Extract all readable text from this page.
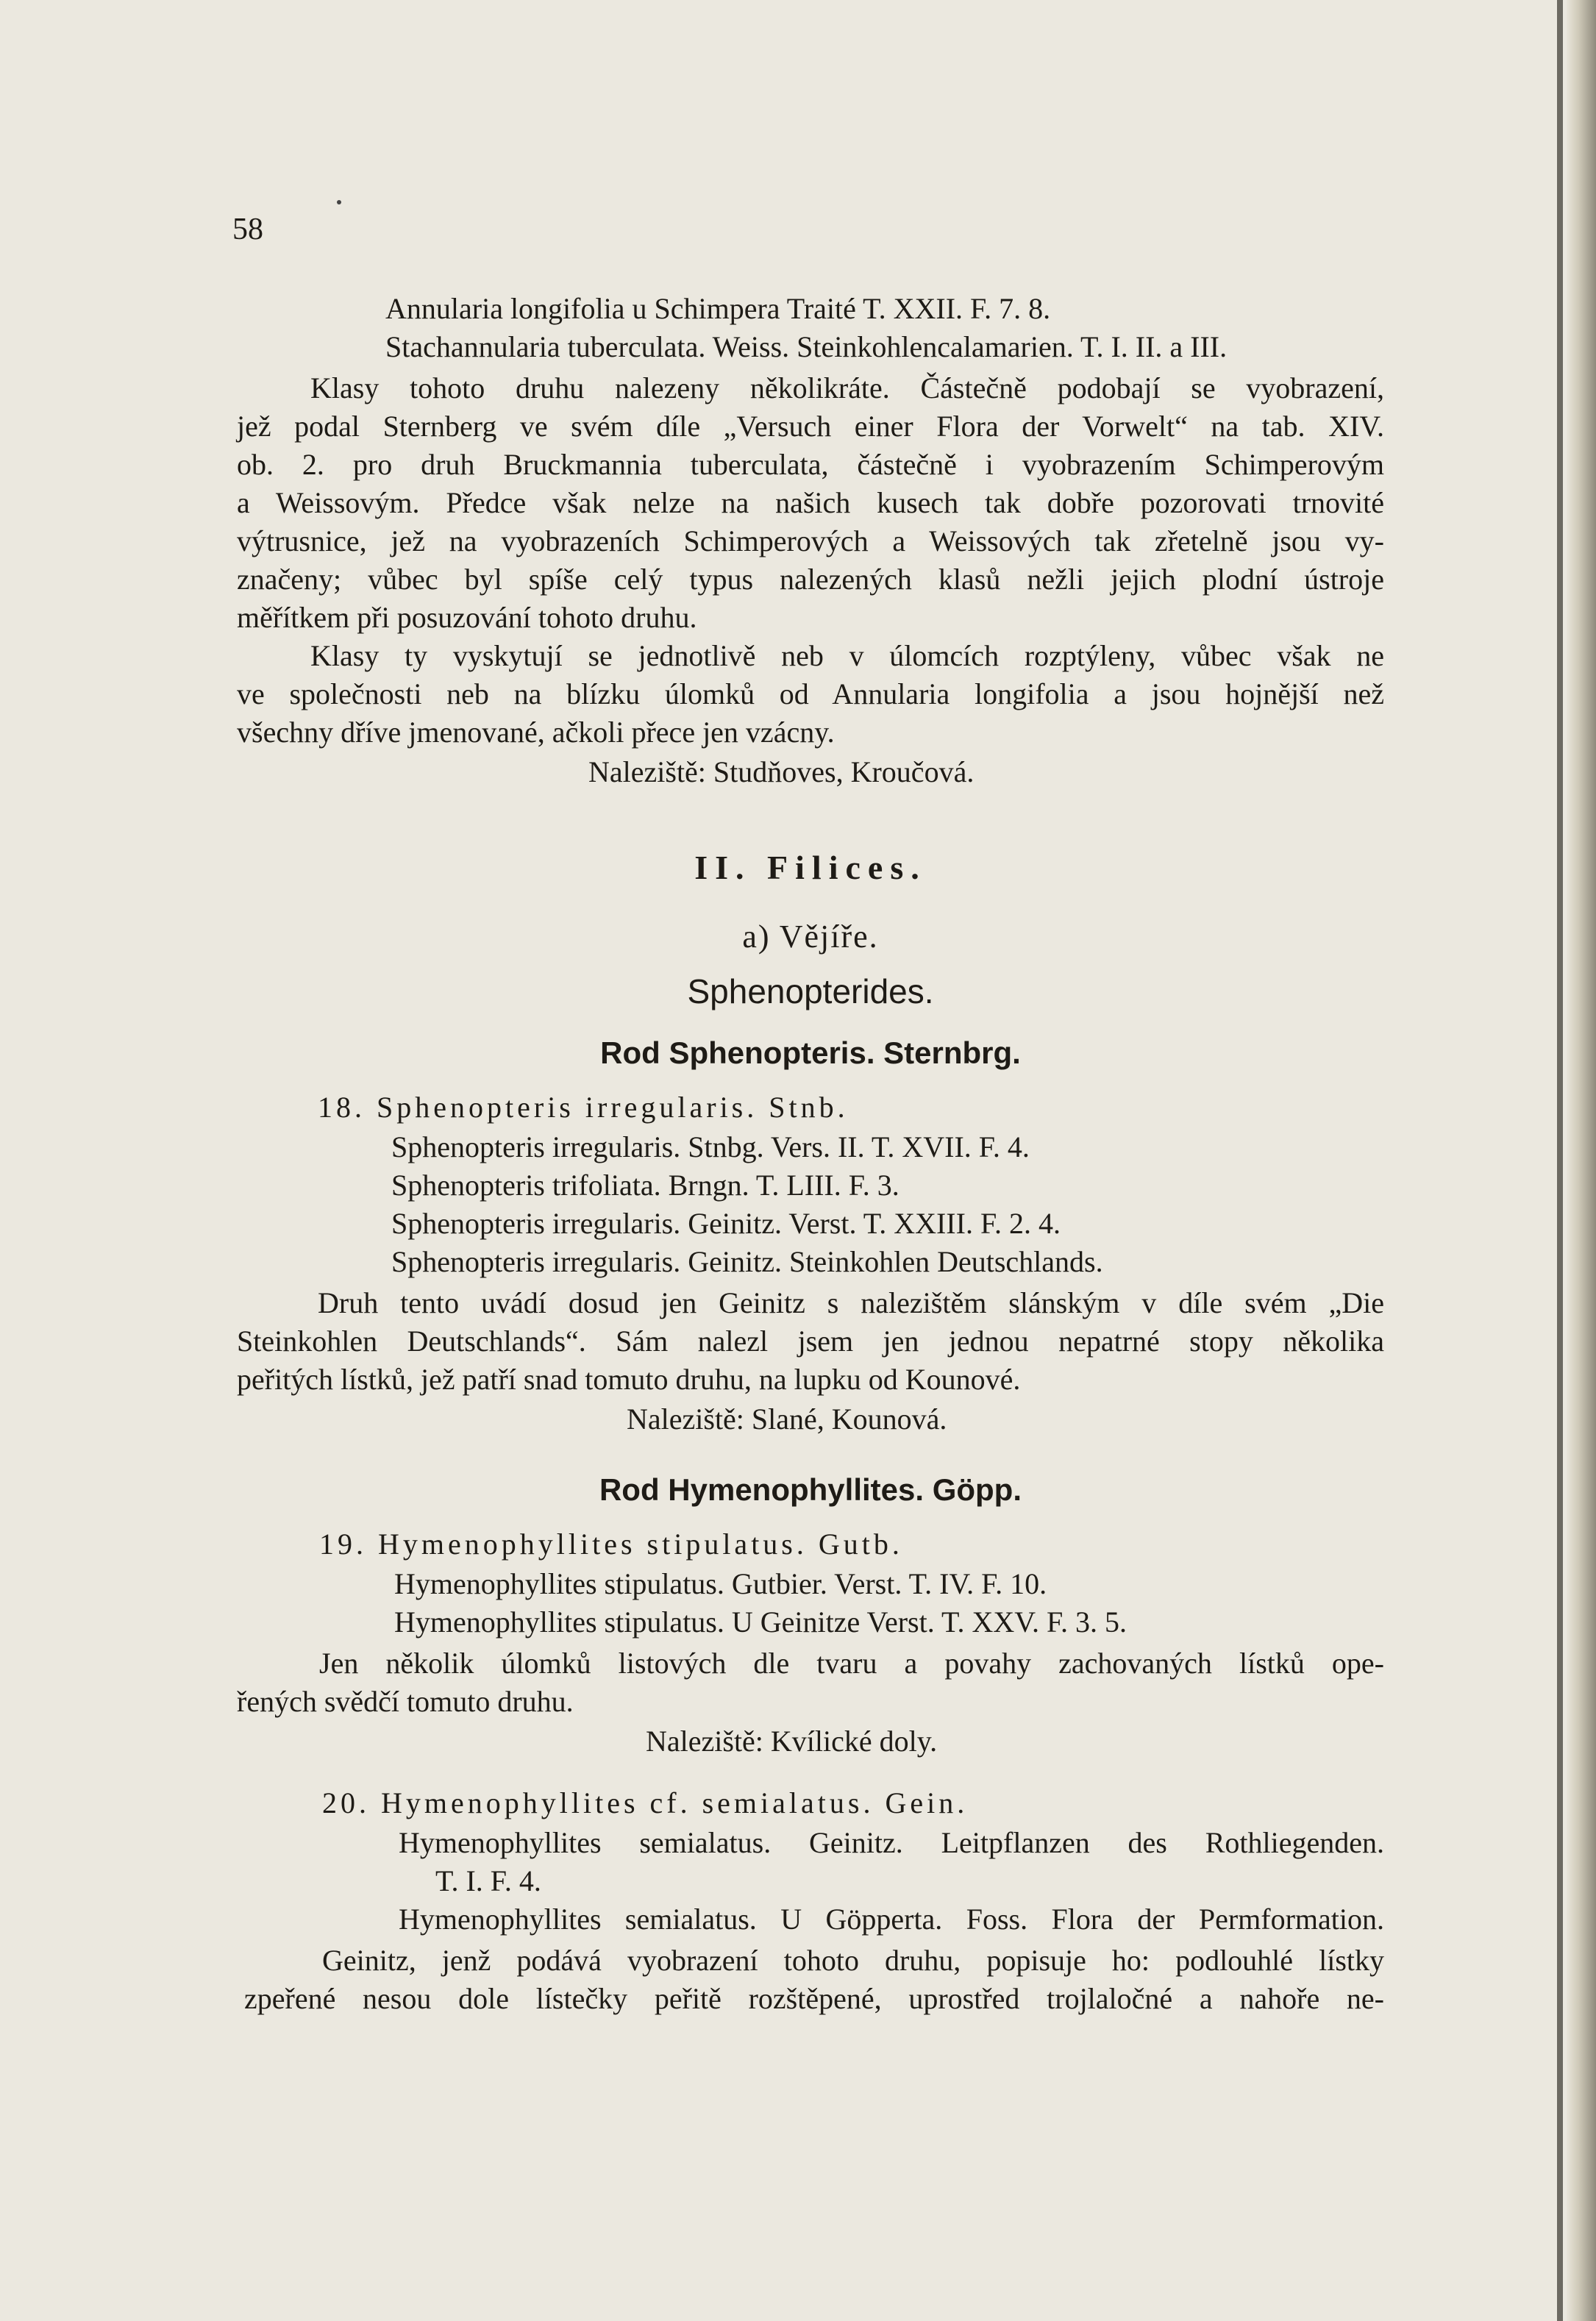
58
Annularia longifolia u Schimpera Traité T. XXII. F. 7. 8.
Stachannularia tuberculata. Weiss. Steinkohlencalamarien. T. I. II. a III.
Klasy tohoto druhu nalezeny několikráte. Částečně podobají se vyobrazení,
jež podal Sternberg ve svém díle „Versuch einer Flora der Vorwelt“ na tab. XIV.
ob. 2. pro druh Bruckmannia tuberculata, částečně i vyobrazením Schimperovým
a Weissovým. Předce však nelze na našich kusech tak dobře pozorovati trnovité
výtrusnice, jež na vyobrazeních Schimperových a Weissových tak zřetelně jsou vy-
značeny; vůbec byl spíše celý typus nalezených klasů nežli jejich plodní ústroje
měřítkem při posuzování tohoto druhu.
Klasy ty vyskytují se jednotlivě neb v úlomcích rozptýleny, vůbec však ne
ve společnosti neb na blízku úlomků od Annularia longifolia a jsou hojnější než
všechny dříve jmenované, ačkoli přece jen vzácny.
Naleziště: Studňoves, Kroučová.
II. Filices.
a) Vějíře.
Sphenopterides.
Rod Sphenopteris. Sternbrg.
18. Sphenopteris irregularis. Stnb.
Sphenopteris irregularis. Stnbg. Vers. II. T. XVII. F. 4.
Sphenopteris trifoliata. Brngn. T. LIII. F. 3.
Sphenopteris irregularis. Geinitz. Verst. T. XXIII. F. 2. 4.
Sphenopteris irregularis. Geinitz. Steinkohlen Deutschlands.
Druh tento uvádí dosud jen Geinitz s nalezištěm slánským v díle svém „Die
Steinkohlen Deutschlands“. Sám nalezl jsem jen jednou nepatrné stopy několika
peřitých lístků, jež patří snad tomuto druhu, na lupku od Kounové.
Naleziště: Slané, Kounová.
Rod Hymenophyllites. Göpp.
19. Hymenophyllites stipulatus. Gutb.
Hymenophyllites stipulatus. Gutbier. Verst. T. IV. F. 10.
Hymenophyllites stipulatus. U Geinitze Verst. T. XXV. F. 3. 5.
Jen několik úlomků listových dle tvaru a povahy zachovaných lístků ope-
řených svědčí tomuto druhu.
Naleziště: Kvílické doly.
20. Hymenophyllites cf. semialatus. Gein.
Hymenophyllites semialatus. Geinitz. Leitpflanzen des Rothliegenden.
T. I. F. 4.
Hymenophyllites semialatus. U Göpperta. Foss. Flora der Permformation.
Geinitz, jenž podává vyobrazení tohoto druhu, popisuje ho: podlouhlé lístky
zpeřené nesou dole lístečky peřitě rozštěpené, uprostřed trojlaločné a nahoře ne-
